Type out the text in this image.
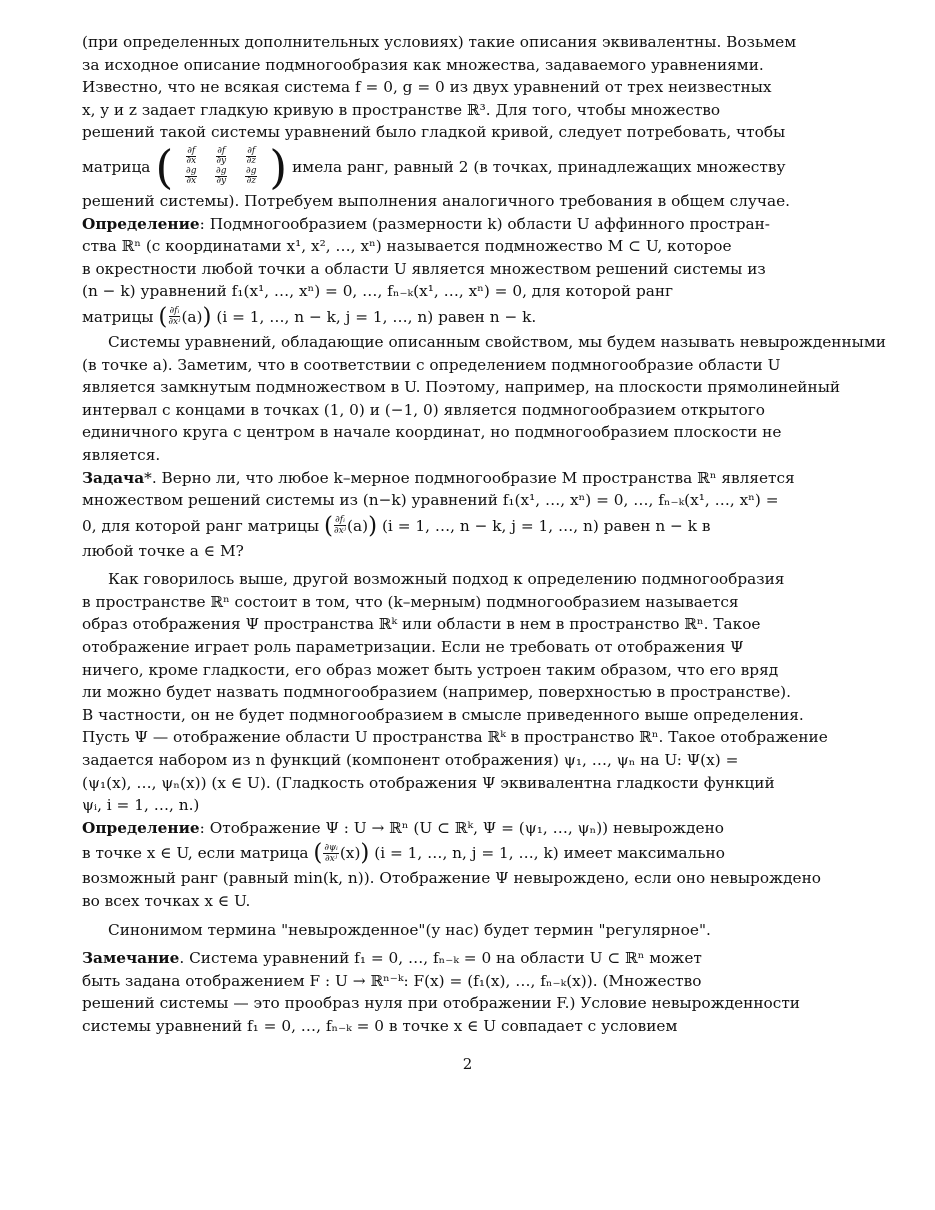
(при определенных дополнительных условиях) такие описания эквивалентны. Возьмем
за исходное описание подмногообразия как множества, задаваемого уравнениями.
Известно, что не всякая система f = 0, g = 0 из двух уравнений от трех неизвестных
x, y и z задает гладкую кривую в пространстве ℝ³. Для того, чтобы множество
решений такой системы уравнений было гладкой кривой, следует потребовать, чтобы
матрица
( ∂f
∂x
∂f
∂y
∂f
∂z
∂g
∂x
∂g
∂y
∂g
∂z )
имела ранг, равный 2 (в точках, принадлежащих множеству
решений системы). Потребуем выполнения аналогичного требования в общем случае.
Определение: Подмногообразием (размерности k) области U аффинного простран-
ства ℝⁿ (с координатами x¹, x², …, xⁿ) называется подмножество M ⊂ U, которое
в окрестности любой точки a области U является множеством решений системы из
(n − k) уравнений f₁(x¹, …, xⁿ) = 0, …, fₙ₋ₖ(x¹, …, xⁿ) = 0, для которой ранг
матрицы
( $\frac{\text{∂fᵢ}}{\text{∂xʲ}} (a)$ )
(i = 1, …, n − k, j = 1, …, n) равен n − k.
Системы уравнений, обладающие описанным свойством, мы будем называть невырожденными
(в точке a). Заметим, что в соответствии с определением подмногообразие области U
является замкнутым подмножеством в U. Поэтому, например, на плоскости прямолинейный
интервал с концами в точках (1, 0) и (−1, 0) является подмногообразием открытого
единичного круга с центром в начале координат, но подмногообразием плоскости не
является.
Задача*. Верно ли, что любое k–мерное подмногообразие M пространства ℝⁿ является
множеством решений системы из (n−k) уравнений f₁(x¹, …, xⁿ) = 0, …, fₙ₋ₖ(x¹, …, xⁿ) =
0, для которой ранг матрицы
( $\frac{\text{∂fᵢ}}{\text{∂xʲ}} (a)$ )
(i = 1, …, n − k, j = 1, …, n) равен n − k в
любой точке a ∈ M?
Как говорилось выше, другой возможный подход к определению подмногообразия
в пространстве ℝⁿ состоит в том, что (k–мерным) подмногообразием называется
образ отображения Ψ пространства ℝᵏ или области в нем в пространство ℝⁿ. Такое
отображение играет роль параметризации. Если не требовать от отображения Ψ
ничего, кроме гладкости, его образ может быть устроен таким образом, что его вряд
ли можно будет назвать подмногообразием (например, поверхностью в пространстве).
В частности, он не будет подмногообразием в смысле приведенного выше определения.
Пусть Ψ — отображение области U пространства ℝᵏ в пространство ℝⁿ. Такое отображение
задается набором из n функций (компонент отображения) ψ₁, …, ψₙ на U: Ψ(x) =
(ψ₁(x), …, ψₙ(x)) (x ∈ U). (Гладкость отображения Ψ эквивалентна гладкости функций
ψᵢ, i = 1, …, n.)
Определение: Отображение Ψ : U → ℝⁿ (U ⊂ ℝᵏ, Ψ = (ψ₁, …, ψₙ)) невырождено
в точке x ∈ U, если матрица
( $\frac{\text{∂ψᵢ}}{\text{∂xʲ}} (x)$ )
(i = 1, …, n, j = 1, …, k) имеет максимально
возможный ранг (равный min(k, n)). Отображение Ψ невырождено, если оно невырождено
во всех точках x ∈ U.
Синонимом термина "невырожденное"(у нас) будет термин "регулярное".
Замечание. Система уравнений f₁ = 0, …, fₙ₋ₖ = 0 на области U ⊂ ℝⁿ может
быть задана отображением F : U → ℝⁿ⁻ᵏ: F(x) = (f₁(x), …, fₙ₋ₖ(x)). (Множество
решений системы — это прообраз нуля при отображении F.) Условие невырожденности
системы уравнений f₁ = 0, …, fₙ₋ₖ = 0 в точке x ∈ U совпадает с условием
2
